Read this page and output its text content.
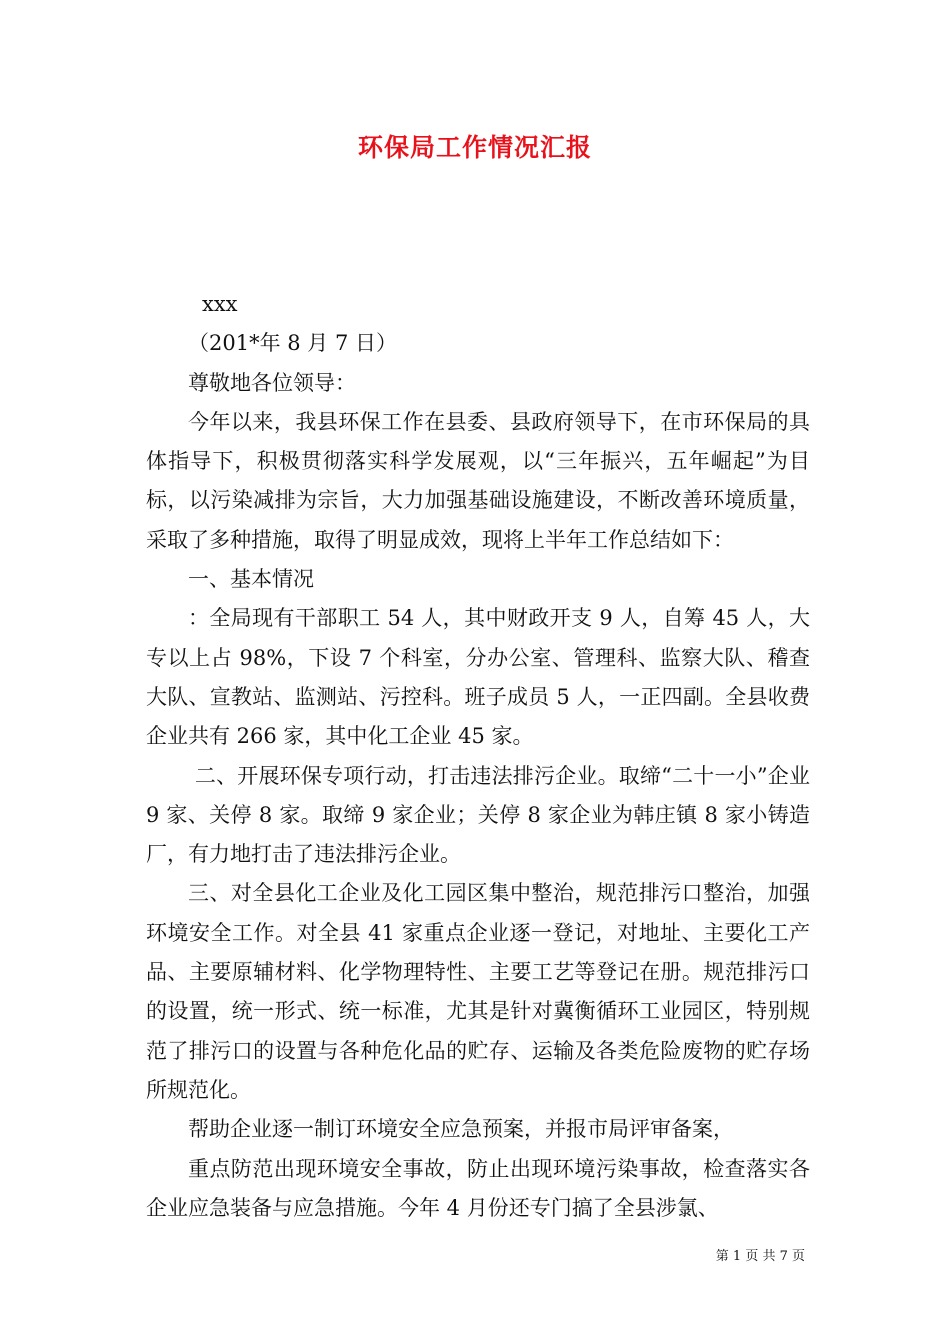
环保局工作情况汇报

xxx

（201*年 8 月 7 日）

尊敬地各位领导：

今年以来，我县环保工作在县委、县政府领导下，在市环保局的具体指导下，积极贯彻落实科学发展观，以“三年振兴，五年崛起”为目标，以污染减排为宗旨，大力加强基础设施建设，不断改善环境质量，采取了多种措施，取得了明显成效，现将上半年工作总结如下：

一、基本情况

：全局现有干部职工 54 人，其中财政开支 9 人，自筹 45 人，大专以上占 98%，下设 7 个科室，分办公室、管理科、监察大队、稽查大队、宣教站、监测站、污控科。班子成员 5 人，一正四副。全县收费企业共有 266 家，其中化工企业 45 家。

二、开展环保专项行动，打击违法排污企业。取缔“二十一小”企业 9 家、关停 8 家。取缔 9 家企业；关停 8 家企业为韩庄镇 8 家小铸造厂，有力地打击了违法排污企业。

三、对全县化工企业及化工园区集中整治，规范排污口整治，加强环境安全工作。对全县 41 家重点企业逐一登记，对地址、主要化工产品、主要原辅材料、化学物理特性、主要工艺等登记在册。规范排污口的设置，统一形式、统一标准，尤其是针对冀衡循环工业园区，特别规范了排污口的设置与各种危化品的贮存、运输及各类危险废物的贮存场所规范化。

帮助企业逐一制订环境安全应急预案，并报市局评审备案，

重点防范出现环境安全事故，防止出现环境污染事故，检查落实各企业应急装备与应急措施。今年 4 月份还专门搞了全县涉氯、

第 1 页 共 7 页
